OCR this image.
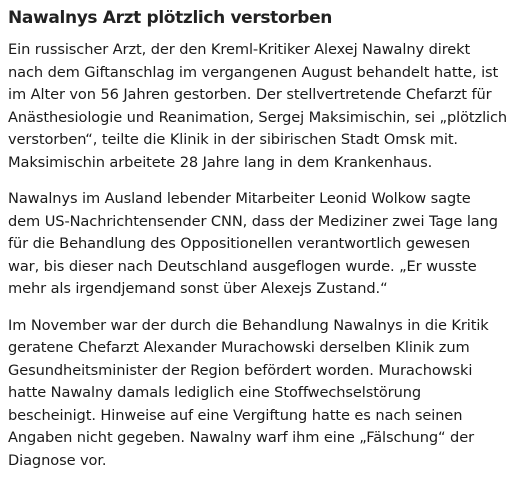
Nawalnys Arzt plötzlich verstorben

Ein russischer Arzt, der den Kreml-Kritiker Alexej Nawalny direkt
nach dem Giftanschlag im vergangenen August behandelt hatte, ist
im Alter von 56 Jahren gestorben. Der stellvertretende Chefarzt für
Anästhesiologie und Reanimation, Sergej Maksimischin, sei „plötzlich
verstorben“, teilte die Klinik in der sibirischen Stadt Omsk mit.
Maksimischin arbeitete 28 Jahre lang in dem Krankenhaus.

Nawalnys im Ausland lebender Mitarbeiter Leonid Wolkow sagte
dem US-Nachrichtensender CNN, dass der Mediziner zwei Tage lang
für die Behandlung des Oppositionellen verantwortlich gewesen
war, bis dieser nach Deutschland ausgeflogen wurde. „Er wusste
mehr als irgendjemand sonst über Alexejs Zustand.“

Im November war der durch die Behandlung Nawalnys in die Kritik
geratene Chefarzt Alexander Murachowski derselben Klinik zum
Gesundheitsminister der Region befördert worden. Murachowski
hatte Nawalny damals lediglich eine Stoffwechselstörung
bescheinigt. Hinweise auf eine Vergiftung hatte es nach seinen
Angaben nicht gegeben. Nawalny warf ihm eine „Fälschung“ der
Diagnose vor.
